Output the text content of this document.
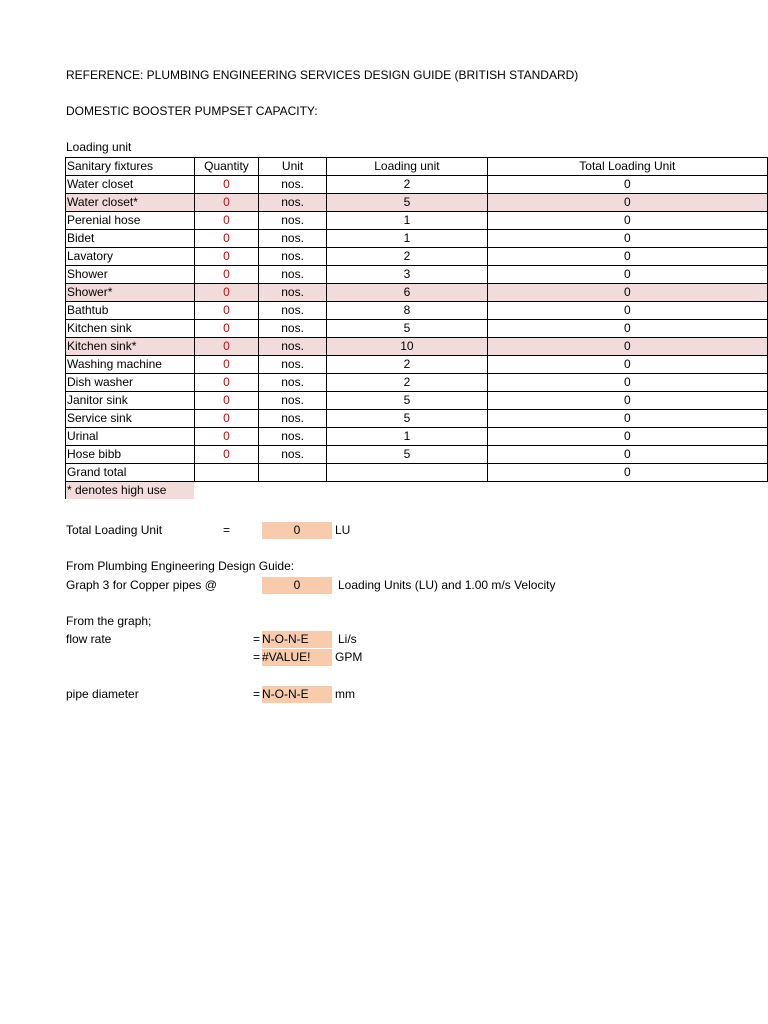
REFERENCE: PLUMBING ENGINEERING SERVICES DESIGN GUIDE (BRITISH STANDARD)
DOMESTIC BOOSTER PUMPSET CAPACITY:
Loading unit
Sanitary fixtures	Quantity	Unit	Loading unit	Total Loading Unit
Water closet	0	nos.	2	0
Water closet*	0	nos.	5	0
Perenial hose	0	nos.	1	0
Bidet	0	nos.	1	0
Lavatory	0	nos.	2	0
Shower	0	nos.	3	0
Shower*	0	nos.	6	0
Bathtub	0	nos.	8	0
Kitchen sink	0	nos.	5	0
Kitchen sink*	0	nos.	10	0
Washing machine	0	nos.	2	0
Dish washer	0	nos.	2	0
Janitor sink	0	nos.	5	0
Service sink	0	nos.	5	0
Urinal	0	nos.	1	0
Hose bibb	0	nos.	5	0
Grand total				0
* denotes high use				
Total Loading Unit	=	0	LU
From Plumbing Engineering Design Guide:
Graph 3 for Copper pipes @	0	Loading Units (LU) and 1.00 m/s Velocity
From the graph;
flow rate	= N-O-N-E	Li/s
= #VALUE!	GPM
pipe diameter	= N-O-N-E	mm
